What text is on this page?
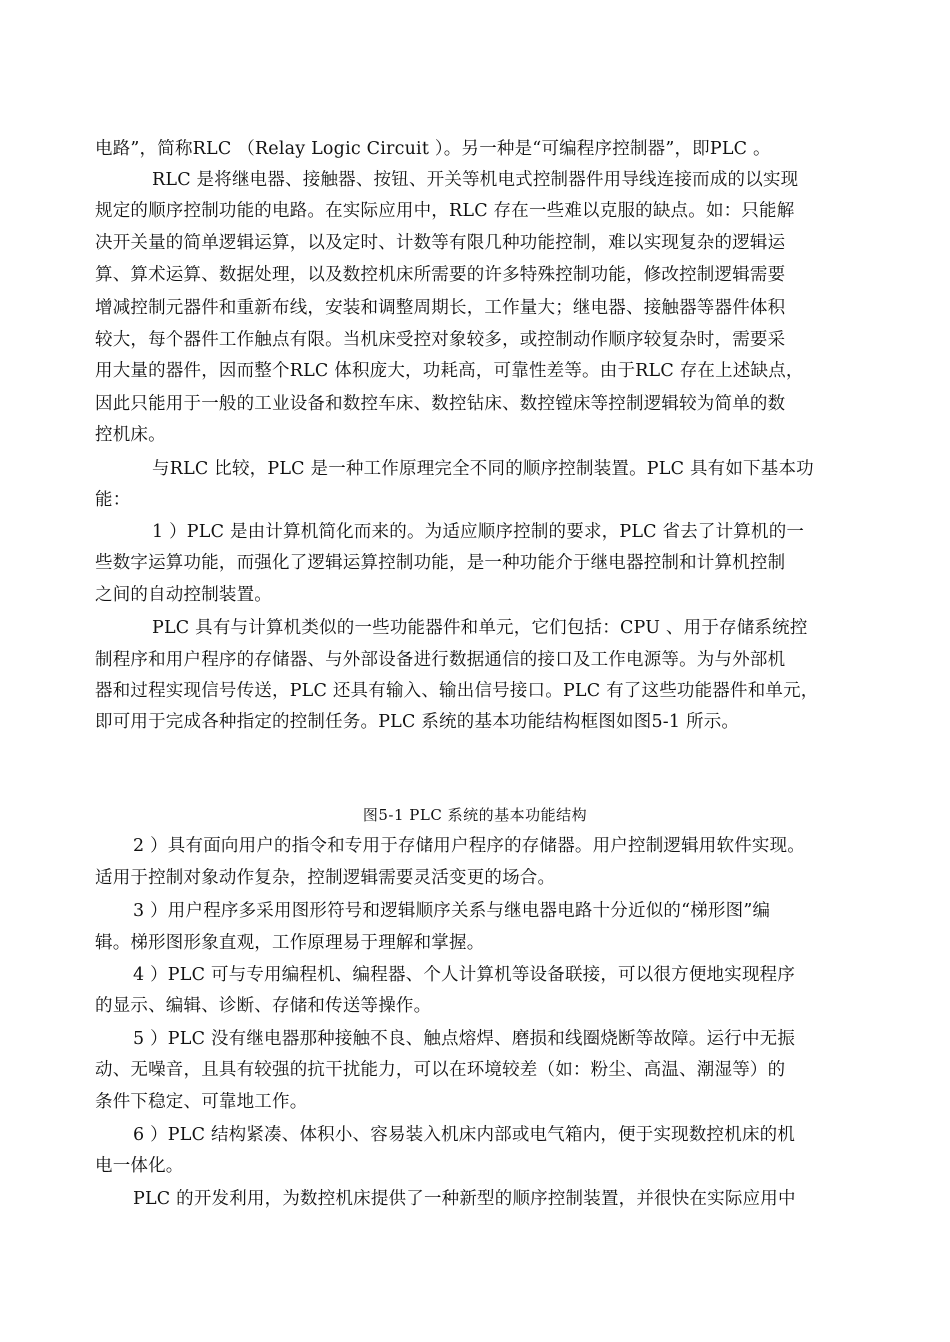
电路”，简称RLC （Relay Logic Circuit ）。另一种是“可编程序控制器”，即PLC 。
RLC 是将继电器、接触器、按钮、开关等机电式控制器件用导线连接而成的以实现
规定的顺序控制功能的电路。在实际应用中，RLC 存在一些难以克服的缺点。如：只能解
决开关量的简单逻辑运算，以及定时、计数等有限几种功能控制，难以实现复杂的逻辑运
算、算术运算、数据处理，以及数控机床所需要的许多特殊控制功能，修改控制逻辑需要
增减控制元器件和重新布线，安装和调整周期长，工作量大；继电器、接触器等器件体积
较大，每个器件工作触点有限。当机床受控对象较多，或控制动作顺序较复杂时，需要采
用大量的器件，因而整个RLC 体积庞大，功耗高，可靠性差等。由于RLC 存在上述缺点，
因此只能用于一般的工业设备和数控车床、数控钻床、数控镗床等控制逻辑较为简单的数
控机床。
与RLC 比较，PLC 是一种工作原理完全不同的顺序控制装置。PLC 具有如下基本功
能：
1 ）PLC 是由计算机简化而来的。为适应顺序控制的要求，PLC 省去了计算机的一
些数字运算功能，而强化了逻辑运算控制功能，是一种功能介于继电器控制和计算机控制
之间的自动控制装置。
PLC 具有与计算机类似的一些功能器件和单元，它们包括：CPU 、用于存储系统控
制程序和用户程序的存储器、与外部设备进行数据通信的接口及工作电源等。为与外部机
器和过程实现信号传送，PLC 还具有输入、输出信号接口。PLC 有了这些功能器件和单元，
即可用于完成各种指定的控制任务。PLC 系统的基本功能结构框图如图5-1 所示。
图5-1 PLC 系统的基本功能结构
2 ）具有面向用户的指令和专用于存储用户程序的存储器。用户控制逻辑用软件实现。
适用于控制对象动作复杂，控制逻辑需要灵活变更的场合。
3 ）用户程序多采用图形符号和逻辑顺序关系与继电器电路十分近似的“梯形图”编
辑。梯形图形象直观，工作原理易于理解和掌握。
4 ）PLC 可与专用编程机、编程器、个人计算机等设备联接，可以很方便地实现程序
的显示、编辑、诊断、存储和传送等操作。
5 ）PLC 没有继电器那种接触不良、触点熔焊、磨损和线圈烧断等故障。运行中无振
动、无噪音，且具有较强的抗干扰能力，可以在环境较差（如：粉尘、高温、潮湿等）的
条件下稳定、可靠地工作。
6 ）PLC 结构紧凑、体积小、容易装入机床内部或电气箱内，便于实现数控机床的机
电一体化。
PLC 的开发利用，为数控机床提供了一种新型的顺序控制装置，并很快在实际应用中
